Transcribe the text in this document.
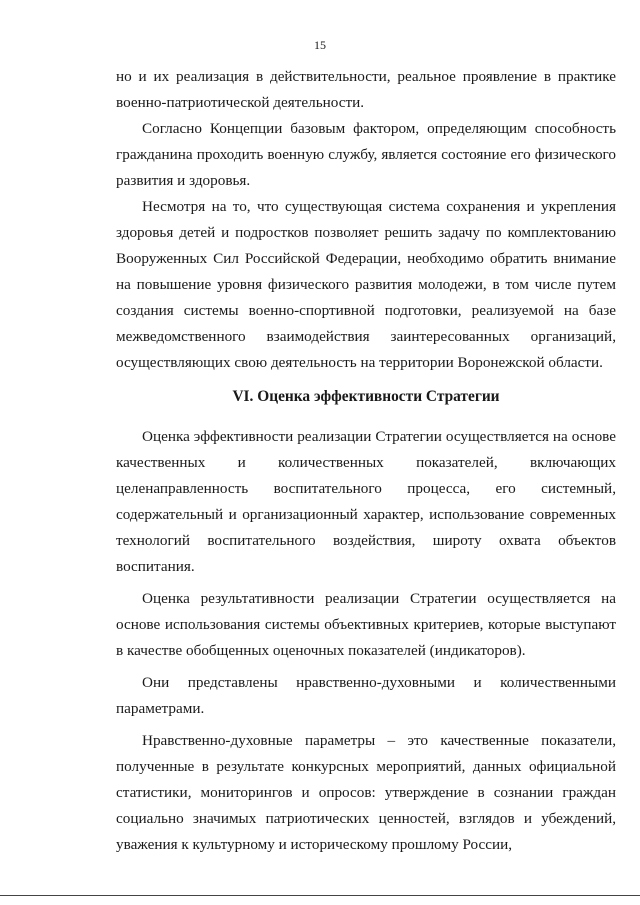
15

но и их реализация в действительности, реальное проявление в практике военно-патриотической деятельности.

Согласно Концепции базовым фактором, определяющим способность гражданина проходить военную службу, является состояние его физического развития и здоровья.

Несмотря на то, что существующая система сохранения и укрепления здоровья детей и подростков позволяет решить задачу по комплектованию Вооруженных Сил Российской Федерации, необходимо обратить внимание на повышение уровня физического развития молодежи, в том числе путем создания системы военно-спортивной подготовки, реализуемой на базе межведомственного взаимодействия заинтересованных организаций, осуществляющих свою деятельность на территории Воронежской области.

VI. Оценка эффективности Стратегии

Оценка эффективности реализации Стратегии осуществляется на основе качественных и количественных показателей, включающих целенаправленность воспитательного процесса, его системный, содержательный и организационный характер, использование современных технологий воспитательного воздействия, широту охвата объектов воспитания.

Оценка результативности реализации Стратегии осуществляется на основе использования системы объективных критериев, которые выступают в качестве обобщенных оценочных показателей (индикаторов).

Они представлены нравственно-духовными и количественными параметрами.

Нравственно-духовные параметры – это качественные показатели, полученные в результате конкурсных мероприятий, данных официальной статистики, мониторингов и опросов: утверждение в сознании граждан социально значимых патриотических ценностей, взглядов и убеждений, уважения к культурному и историческому прошлому России,
